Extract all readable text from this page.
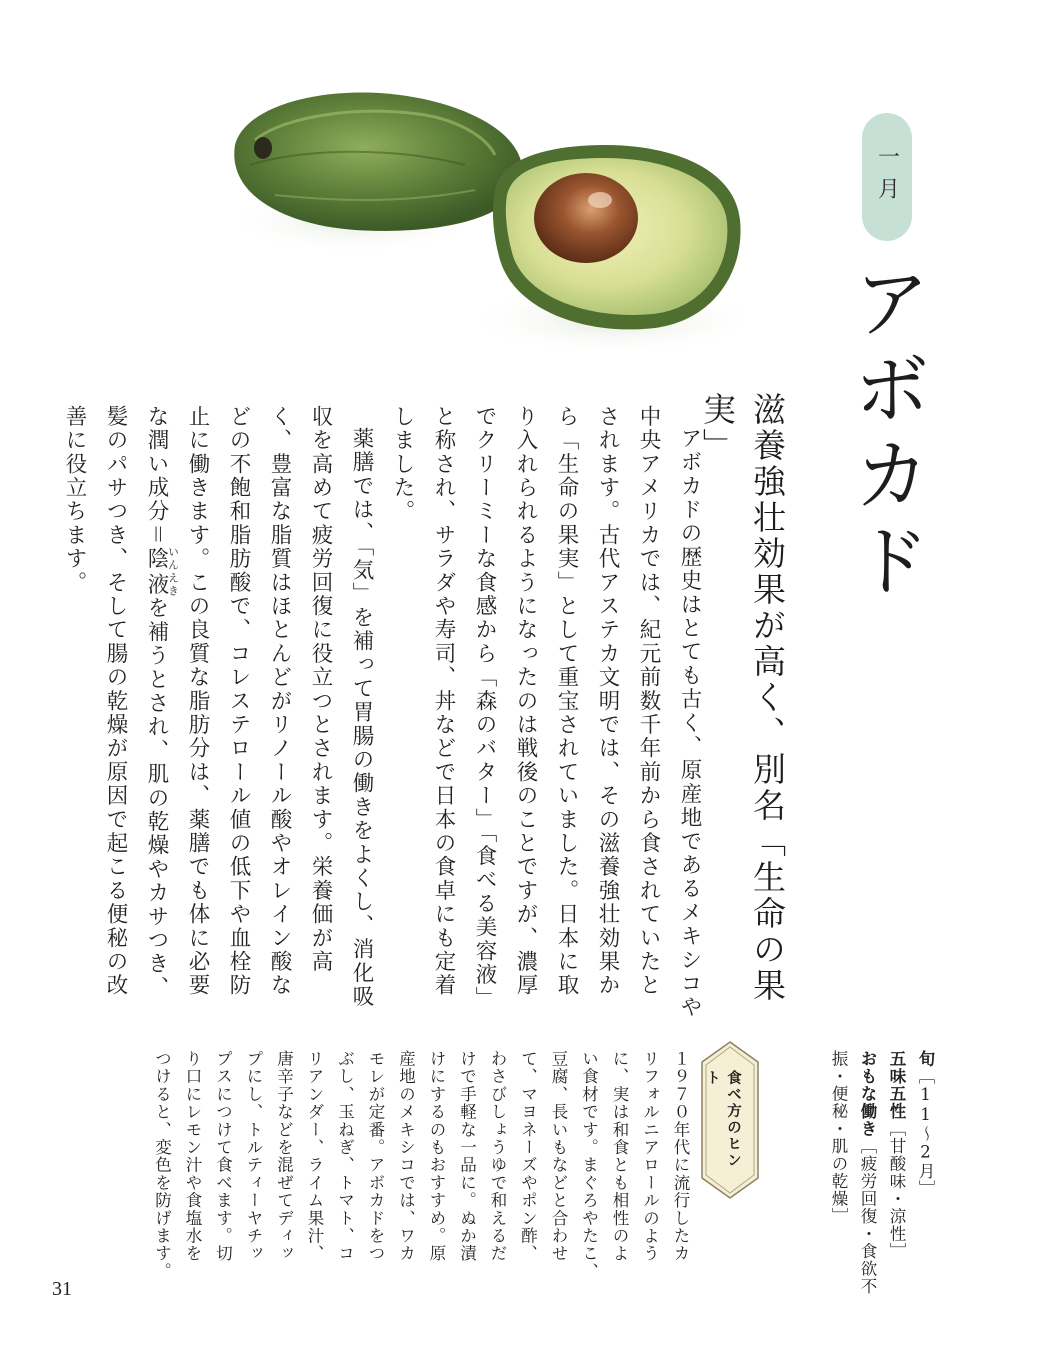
一月
アボカド
滋養強壮効果が高く、別名「生命の果実」

アボカドの歴史はとても古く、原産地であるメキシコや中央アメリカでは、紀元前数千年前から食されていたとされます。古代アステカ文明では、その滋養強壮効果から「生命の果実」として重宝されていました。日本に取り入れられるようになったのは戦後のことですが、濃厚でクリーミーな食感から「森のバター」「食べる美容液」と称され、サラダや寿司、丼などで日本の食卓にも定着しました。

薬膳では、「気」を補って胃腸の働きをよくし、消化吸収を高めて疲労回復に役立つとされます。栄養価が高く、豊富な脂質はほとんどがリノール酸やオレイン酸などの不飽和脂肪酸で、コレステロール値の低下や血栓防止に働きます。この良質な脂肪分は、薬膳でも体に必要な潤い成分＝陰液いんえきを補うとされ、肌の乾燥やカサつき、髪のパサつき、そして腸の乾燥が原因で起こる便秘の改善に役立ちます。

旬［11～2月］
五味五性［甘酸味・涼性］
おもな働き［疲労回復・食欲不振・便秘・肌の乾燥］
食べ方のヒント

１９７０年代に流行したカ

リフォルニアロールのよう

に、実は和食とも相性のよ

い食材です。まぐろやたこ、

豆腐、長いもなどと合わせ

て、マヨネーズやポン酢、

わさびしょうゆで和えるだ

けで手軽な一品に。ぬか漬

けにするのもおすすめ。原

産地のメキシコでは、ワカ

モレが定番。アボカドをつ

ぶし、玉ねぎ、トマト、コ

リアンダー、ライム果汁、

唐辛子などを混ぜてディッ

プにし、トルティーヤチッ

プスにつけて食べます。切

り口にレモン汁や食塩水を

つけると、変色を防げます。

31
